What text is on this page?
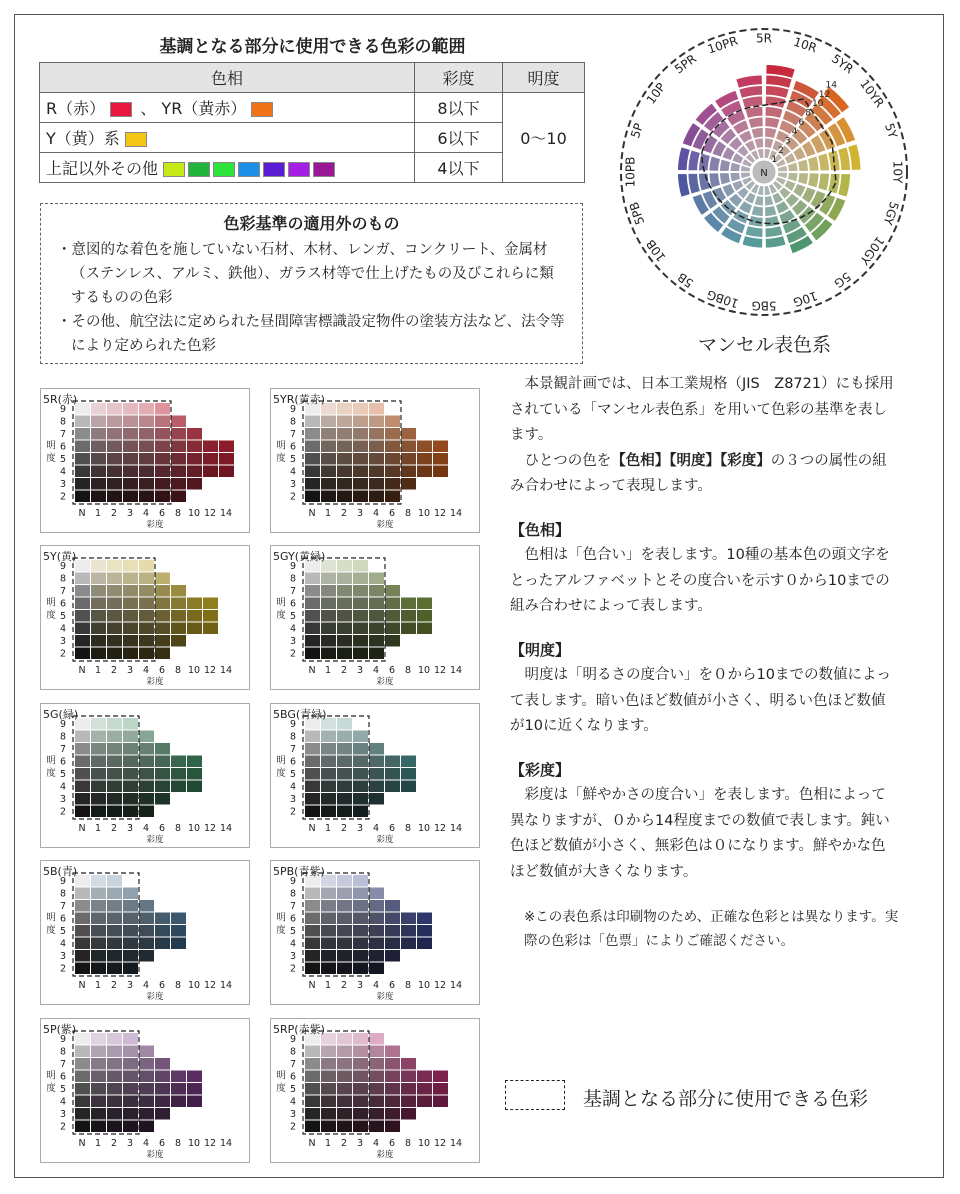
基調となる部分に使用できる色彩の範囲
色相	彩度	明度
R（赤） 、 YR（黄赤）	8以下	0〜10
Y（黄）系	6以下	
上記以外その他	4以下	
色彩基準の適用外のもの

・意図的な着色を施していない石材、木材、レンガ、コンクリート、金属材（ステンレス、アルミ、鉄他）、ガラス材等で仕上げたもの及びこれらに類するものの色彩

・その他、航空法に定められた昼間障害標識設定物件の塗装方法など、法令等により定められた色彩

N
1
2
3
4
6
8
10
12
14
5R 10R
5YR
10YR
5Y
10Y
5GY
10GY
5G
10G
5BG
10BG
5B
10B
5PB
10PB
5P
10P
5PR
10PR
マンセル表色系
9
8
7
6
5
4
3
2
N 1 2 3 4 6 8 10 12 14
彩度
明
度
5R(赤)
9
8
7
6
5
4
3
2
N 1 2 3 4 6 8 10 12 14
彩度
明
度
5YR(黄赤)
9
8
7
6
5
4
3
2
N 1 2 3 4 6 8 10 12 14
彩度
明
度
5Y(黄)
9
8
7
6
5
4
3
2
N 1 2 3 4 6 8 10 12 14
彩度
明
度
5GY(黄緑)
9
8
7
6
5
4
3
2
N 1 2 3 4 6 8 10 12 14
彩度
明
度
5G(緑)
9
8
7
6
5
4
3
2
N 1 2 3 4 6 8 10 12 14
彩度
明
度
5BG(青緑)
9
8
7
6
5
4
3
2
N 1 2 3 4 6 8 10 12 14
彩度
明
度
5B(青)
9
8
7
6
5
4
3
2
N 1 2 3 4 6 8 10 12 14
彩度
明
度
5PB(青紫)
9
8
7
6
5
4
3
2
N 1 2 3 4 6 8 10 12 14
彩度
明
度
5P(紫)
9
8
7
6
5
4
3
2
N 1 2 3 4 6 8 10 12 14
彩度
明
度
5RP(赤紫)

本景観計画では、日本工業規格（JIS　Z8721）にも採用されている「マンセル表色系」を用いて色彩の基準を表します。

ひとつの色を【色相】【明度】【彩度】の３つの属性の組み合わせによって表現します。

【色相】

色相は「色合い」を表します。10種の基本色の頭文字をとったアルファベットとその度合いを示す０から10までの組み合わせによって表します。

【明度】

明度は「明るさの度合い」を０から10までの数値によって表します。暗い色ほど数値が小さく、明るい色ほど数値が10に近くなります。

【彩度】

彩度は「鮮やかさの度合い」を表します。色相によって異なりますが、０から14程度までの数値で表します。鈍い色ほど数値が小さく、無彩色は０になります。鮮やかな色ほど数値が大きくなります。

※この表色系は印刷物のため、正確な色彩とは異なります。実際の色彩は「色票」によりご確認ください。

基調となる部分に使用できる色彩
